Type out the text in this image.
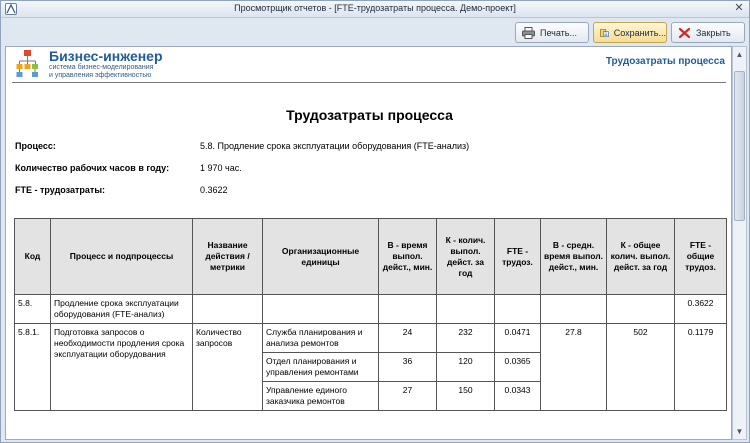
Просмотрщик отчетов - [FTE-трудозатраты процесса. Демо-проект]	✕
Печать...	Сохранить...	Закрыть
Бизнес-инженер
система бизнес-моделирования
и управления эффективностью
Трудозатраты процесса
Трудозатраты процесса
Процесс:	5.8. Продление срока эксплуатации оборудования (FTE-анализ)
Количество рабочих часов в году:	1 970 час.
FTE - трудозатраты:	0.3622
Код	Процесс и подпроцессы	Название действия / метрики	Организационные единицы	В - время выпол. дейст., мин.	К - колич. выпол. дейст. за год	FTE - трудоз.	В - средн. время выпол. дейст., мин.	К - общее колич. выпол. дейст. за год	FTE - общие трудоз.
5.8.	Продление срока эксплуатации оборудования (FTE-анализ)								0.3622
5.8.1.	Подготовка запросов о необходимости продления срока эксплуатации оборудования	Количество запросов	Служба планирования и анализа ремонтов	24	232	0.0471	27.8	502	0.1179
			Отдел планирования и управления ремонтами	36	120	0.0365			
			Управление единого заказчика ремонтов	27	150	0.0343			
▲
▼
